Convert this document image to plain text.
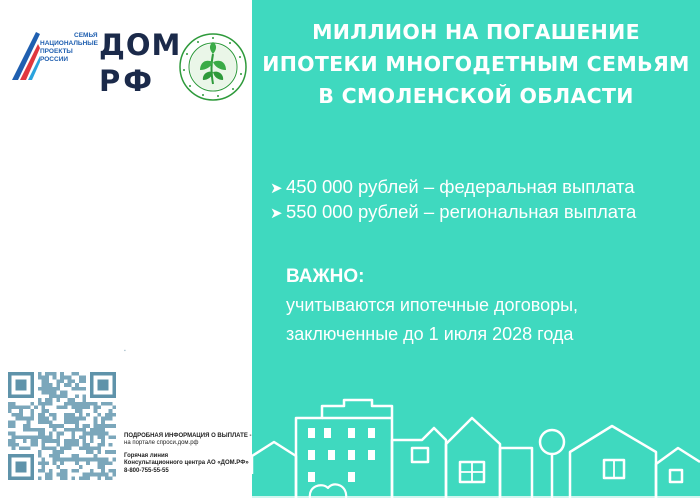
СЕМЬЯ
НАЦИОНАЛЬНЫЕ
ПРОЕКТЫ
РОССИИ	ДОМ
РФ
▪
ПОДРОБНАЯ ИНФОРМАЦИЯ О ВЫПЛАТЕ -
на портале спроси.дом.рф
Горячая линия
Консультационного центра АО «ДОМ.РФ»
8-800-755-55-55
МИЛЛИОН НА ПОГАШЕНИЕ
ИПОТЕКИ МНОГОДЕТНЫМ СЕМЬЯМ
В СМОЛЕНСКОЙ ОБЛАСТИ
➤ 450 000 рублей – федеральная выплата
➤ 550 000 рублей – региональная выплата
ВАЖНО:
учитываются ипотечные договоры,
заключенные до 1 июля 2028 года
